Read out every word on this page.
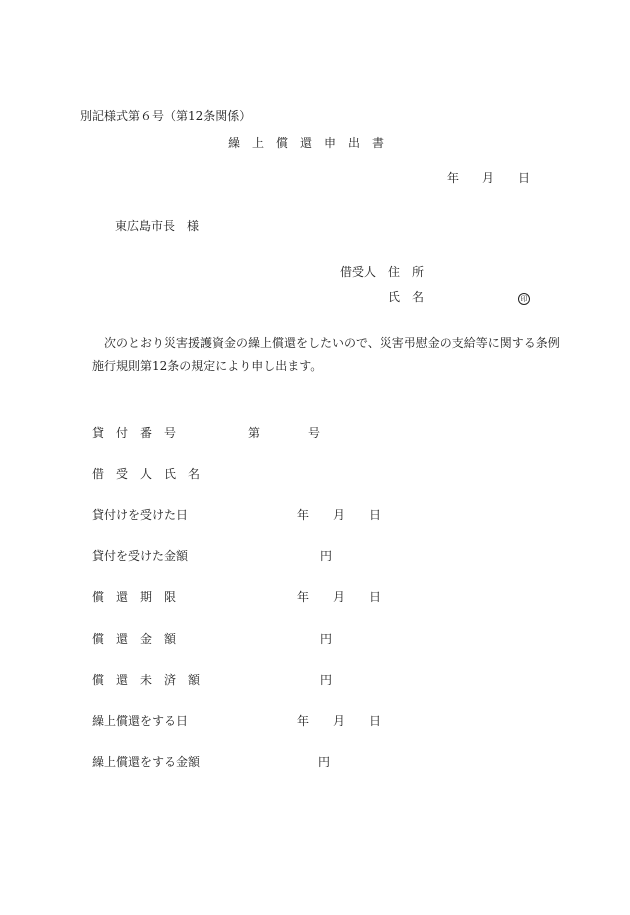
別記様式第６号（第12条関係）
繰　上　償　還　申　出　書
年 月 日
東広島市長　様
借受人 住　所
氏　名	印
次のとおり災害援護資金の繰上償還をしたいので、災害弔慰金の支給等に関する条例
施行規則第12条の規定により申し出ます。
貸　付　番　号	第	号
借　受　人　氏　名
貸付けを受けた日	年 月 日
貸付を受けた金額	円
償　還　期　限	年 月 日
償　還　金　額	円
償　還　未　済　額	円
繰上償還をする日	年 月 日
繰上償還をする金額	円
